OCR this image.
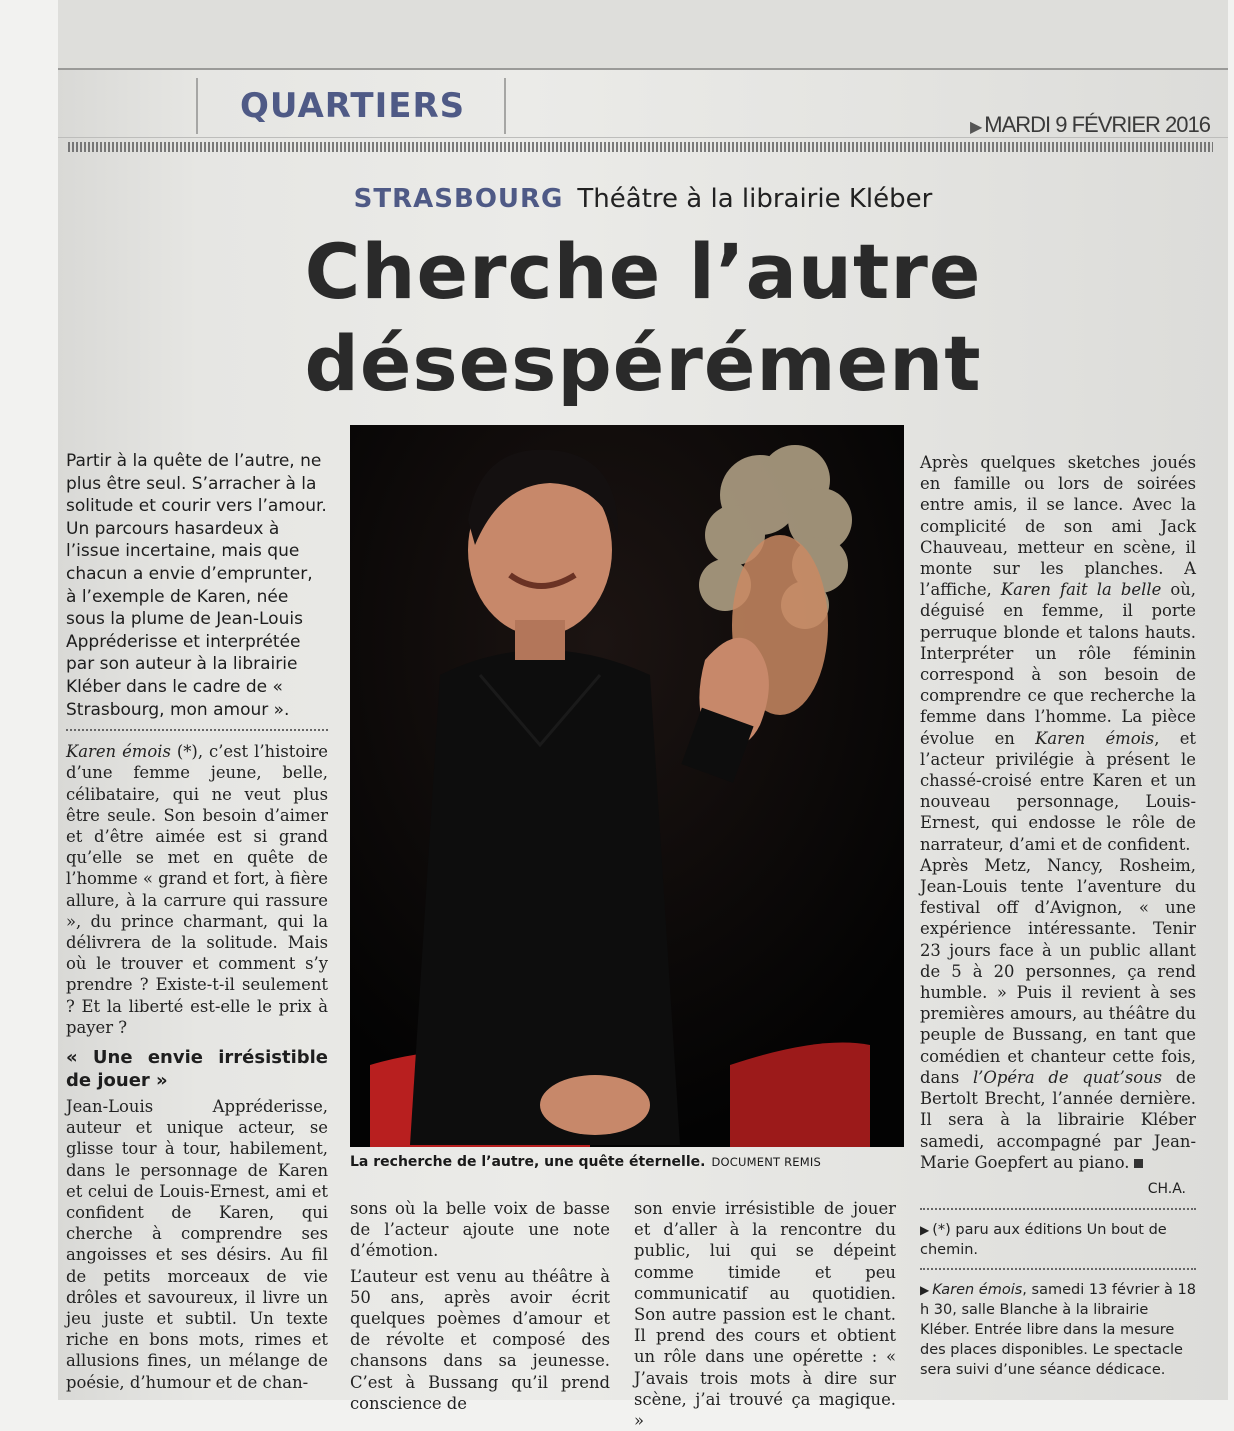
QUARTIERS
▶ MARDI 9 FÉVRIER 2016
STRASBOURG Théâtre à la librairie Kléber
Cherche l’autre
désespérément

Partir à la quête de l’autre, ne plus être seul. S’arracher à la solitude et courir vers l’amour. Un parcours hasardeux à l’issue incertaine, mais que chacun a envie d’emprunter, à l’exemple de Karen, née sous la plume de Jean-Louis Appréderisse et interprétée par son auteur à la librairie Kléber dans le cadre de « Strasbourg, mon amour ».

Karen émois (*), c’est l’histoire d’une femme jeune, belle, célibataire, qui ne veut plus être seule. Son besoin d’aimer et d’être aimée est si grand qu’elle se met en quête de l’homme « grand et fort, à fière allure, à la carrure qui rassure », du prince charmant, qui la délivrera de la solitude. Mais où le trouver et comment s’y prendre ? Existe-t-il seulement ? Et la liberté est-elle le prix à payer ?

« Une envie irrésistible de jouer »

Jean-Louis Appréderisse, auteur et unique acteur, se glisse tour à tour, habilement, dans le personnage de Karen et celui de Louis-Ernest, ami et confident de Karen, qui cherche à comprendre ses angoisses et ses désirs. Au fil de petits morceaux de vie drôles et savoureux, il livre un jeu juste et subtil. Un texte riche en bons mots, rimes et allusions fines, un mélange de poésie, d’humour et de chan-

La recherche de l’autre, une quête éternelle. DOCUMENT REMIS

sons où la belle voix de basse de l’acteur ajoute une note d’émotion.

L’auteur est venu au théâtre à 50 ans, après avoir écrit quelques poèmes d’amour et de révolte et composé des chansons dans sa jeunesse. C’est à Bussang qu’il prend conscience de

son envie irrésistible de jouer et d’aller à la rencontre du public, lui qui se dépeint comme timide et peu communicatif au quotidien. Son autre passion est le chant. Il prend des cours et obtient un rôle dans une opérette : « J’avais trois mots à dire sur scène, j’ai trouvé ça magique. »

Après quelques sketches joués en famille ou lors de soirées entre amis, il se lance. Avec la complicité de son ami Jack Chauveau, metteur en scène, il monte sur les planches. A l’affiche, Karen fait la belle où, déguisé en femme, il porte perruque blonde et talons hauts. Interpréter un rôle féminin correspond à son besoin de comprendre ce que recherche la femme dans l’homme. La pièce évolue en Karen émois, et l’acteur privilégie à présent le chassé-croisé entre Karen et un nouveau personnage, Louis-Ernest, qui endosse le rôle de narrateur, d’ami et de confident.

Après Metz, Nancy, Rosheim, Jean-Louis tente l’aventure du festival off d’Avignon, « une expérience intéressante. Tenir 23 jours face à un public allant de 5 à 20 personnes, ça rend humble. » Puis il revient à ses premières amours, au théâtre du peuple de Bussang, en tant que comédien et chanteur cette fois, dans l’Opéra de quat’sous de Bertolt Brecht, l’année dernière. Il sera à la librairie Kléber samedi, accompagné par Jean-Marie Goepfert au piano.

CH.A.

▶ (*) paru aux éditions Un bout de chemin.

▶ Karen émois, samedi 13 février à 18 h 30, salle Blanche à la librairie Kléber. Entrée libre dans la mesure des places disponibles. Le spectacle sera suivi d’une séance dédicace.
